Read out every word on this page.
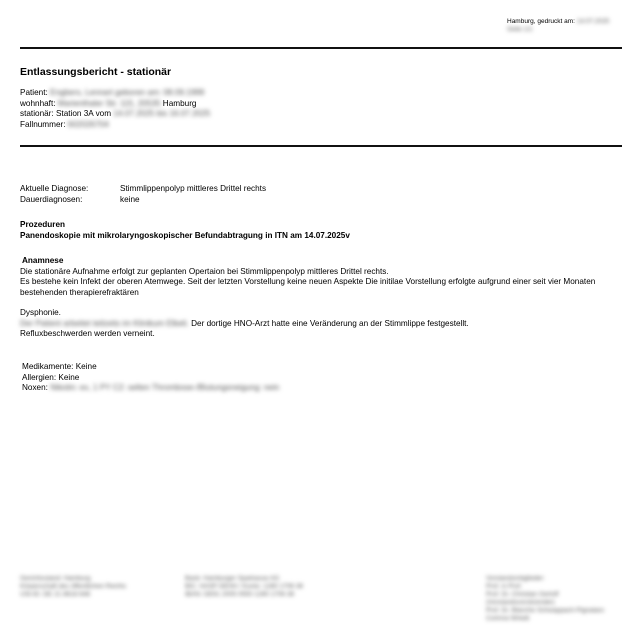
Hamburg, gedruckt am: 14.07.2025
Seite 1/1
Entlassungsbericht - stationär
Patient: Engbers, Lennart geboren am: 08.09.1999
wohnhaft: Marienthaler Str. 115, 20535 Hamburg
stationär: Station 3A vom 14.07.2025 bis 16.07.2025
Fallnummer: 602026704
Aktuelle Diagnose:	Stimmlippenpolyp mittleres Drittel rechts
Dauerdiagnosen:	keine
Prozeduren
Panendoskopie mit mikrolaryngoskopischer Befundabtragung in ITN am 14.07.2025v
Anamnese

Die stationäre Aufnahme erfolgt zur geplanten Opertaion bei Stimmlippenpolyp mittleres Drittel rechts.

Es bestehe kein Infekt der oberen Atemwege. Seit der letzten Vorstellung keine neuen Aspekte Die initilae Vorstellung erfolgte aufgrund einer seit vier Monaten bestehenden therapierefraktären

Dysphonie.

Der Patient arbeitet teilzeits im Klinikum Elbeli. Der dortige HNO-Arzt hatte eine Veränderung an der Stimmlippe festgestellt.

Refluxbeschwerden werden verneint.

Medikamente: Keine
Allergien: Keine
Noxen: Nikotin: ex, 1 PY C2: selten Thrombose-/Blutungsneigung: nein
Gerichtsstand: Hamburg
Körperschaft des öffentlichen Rechts
USt-ID: DE 21 8618 648
Bank: Hamburger Sparkasse AG
BIC: HASP DEHH / Konto: 1280 1706 38
IBAN: DE91 2005 0550 1280 1706 38
Vorstandsmitglieder:
Prof. in Prof.
Prof. Dr. Christian Gerloff
(Vorstandsvorsitzender)
Prof. Dr. Blanche Schwappach-Pignataro
Corinna Wriedt
